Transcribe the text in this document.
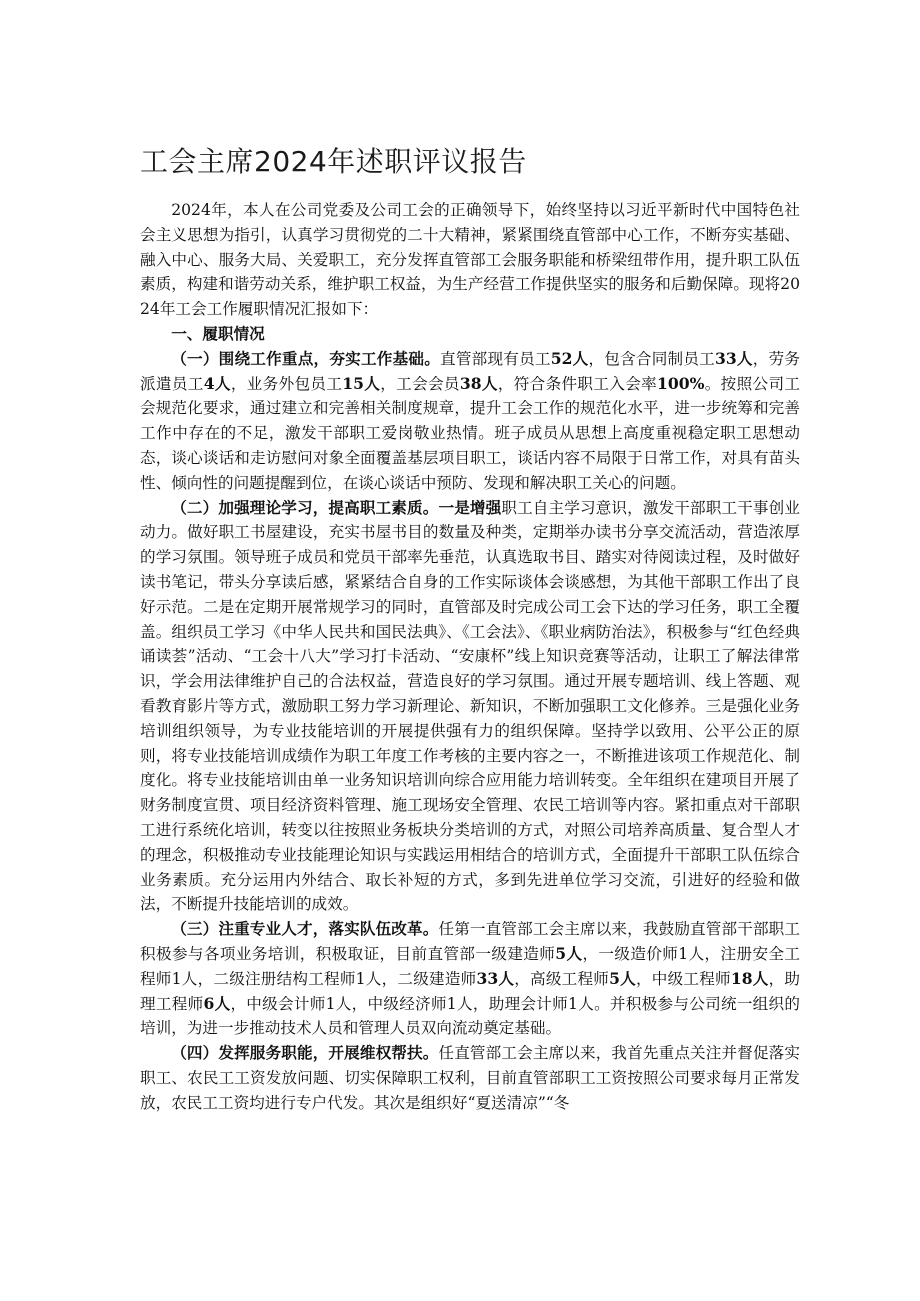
工会主席2024年述职评议报告

2024年，本人在公司党委及公司工会的正确领导下，始终坚持以习近平新时代中国特色社会主义思想为指引，认真学习贯彻党的二十大精神，紧紧围绕直管部中心工作，不断夯实基础、融入中心、服务大局、关爱职工，充分发挥直管部工会服务职能和桥梁纽带作用，提升职工队伍素质，构建和谐劳动关系，维护职工权益，为生产经营工作提供坚实的服务和后勤保障。现将2024年工会工作履职情况汇报如下：

一、履职情况

（一）围绕工作重点，夯实工作基础。直管部现有员工52人，包含合同制员工33人，劳务派遣员工4人，业务外包员工15人，工会会员38人，符合条件职工入会率100%。按照公司工会规范化要求，通过建立和完善相关制度规章，提升工会工作的规范化水平，进一步统筹和完善工作中存在的不足，激发干部职工爱岗敬业热情。班子成员从思想上高度重视稳定职工思想动态，谈心谈话和走访慰问对象全面覆盖基层项目职工，谈话内容不局限于日常工作，对具有苗头性、倾向性的问题提醒到位，在谈心谈话中预防、发现和解决职工关心的问题。

（二）加强理论学习，提高职工素质。一是增强职工自主学习意识，激发干部职工干事创业动力。做好职工书屋建设，充实书屋书目的数量及种类，定期举办读书分享交流活动，营造浓厚的学习氛围。领导班子成员和党员干部率先垂范，认真选取书目、踏实对待阅读过程，及时做好读书笔记，带头分享读后感，紧紧结合自身的工作实际谈体会谈感想，为其他干部职工作出了良好示范。二是在定期开展常规学习的同时，直管部及时完成公司工会下达的学习任务，职工全覆盖。组织员工学习《中华人民共和国民法典》、《工会法》、《职业病防治法》，积极参与“红色经典诵读荟”活动、“工会十八大”学习打卡活动、“安康杯”线上知识竞赛等活动，让职工了解法律常识，学会用法律维护自己的合法权益，营造良好的学习氛围。通过开展专题培训、线上答题、观看教育影片等方式，激励职工努力学习新理论、新知识，不断加强职工文化修养。三是强化业务培训组织领导，为专业技能培训的开展提供强有力的组织保障。坚持学以致用、公平公正的原则，将专业技能培训成绩作为职工年度工作考核的主要内容之一，不断推进该项工作规范化、制度化。将专业技能培训由单一业务知识培训向综合应用能力培训转变。全年组织在建项目开展了财务制度宣贯、项目经济资料管理、施工现场安全管理、农民工培训等内容。紧扣重点对干部职工进行系统化培训，转变以往按照业务板块分类培训的方式，对照公司培养高质量、复合型人才的理念，积极推动专业技能理论知识与实践运用相结合的培训方式，全面提升干部职工队伍综合业务素质。充分运用内外结合、取长补短的方式，多到先进单位学习交流，引进好的经验和做法，不断提升技能培训的成效。

（三）注重专业人才，落实队伍改革。任第一直管部工会主席以来，我鼓励直管部干部职工积极参与各项业务培训，积极取证，目前直管部一级建造师5人，一级造价师1人，注册安全工程师1人，二级注册结构工程师1人，二级建造师33人，高级工程师5人，中级工程师18人，助理工程师6人，中级会计师1人，中级经济师1人，助理会计师1人。并积极参与公司统一组织的培训，为进一步推动技术人员和管理人员双向流动奠定基础。

（四）发挥服务职能，开展维权帮扶。任直管部工会主席以来，我首先重点关注并督促落实职工、农民工工资发放问题、切实保障职工权利，目前直管部职工工资按照公司要求每月正常发放，农民工工资均进行专户代发。其次是组织好“夏送清凉”“冬
